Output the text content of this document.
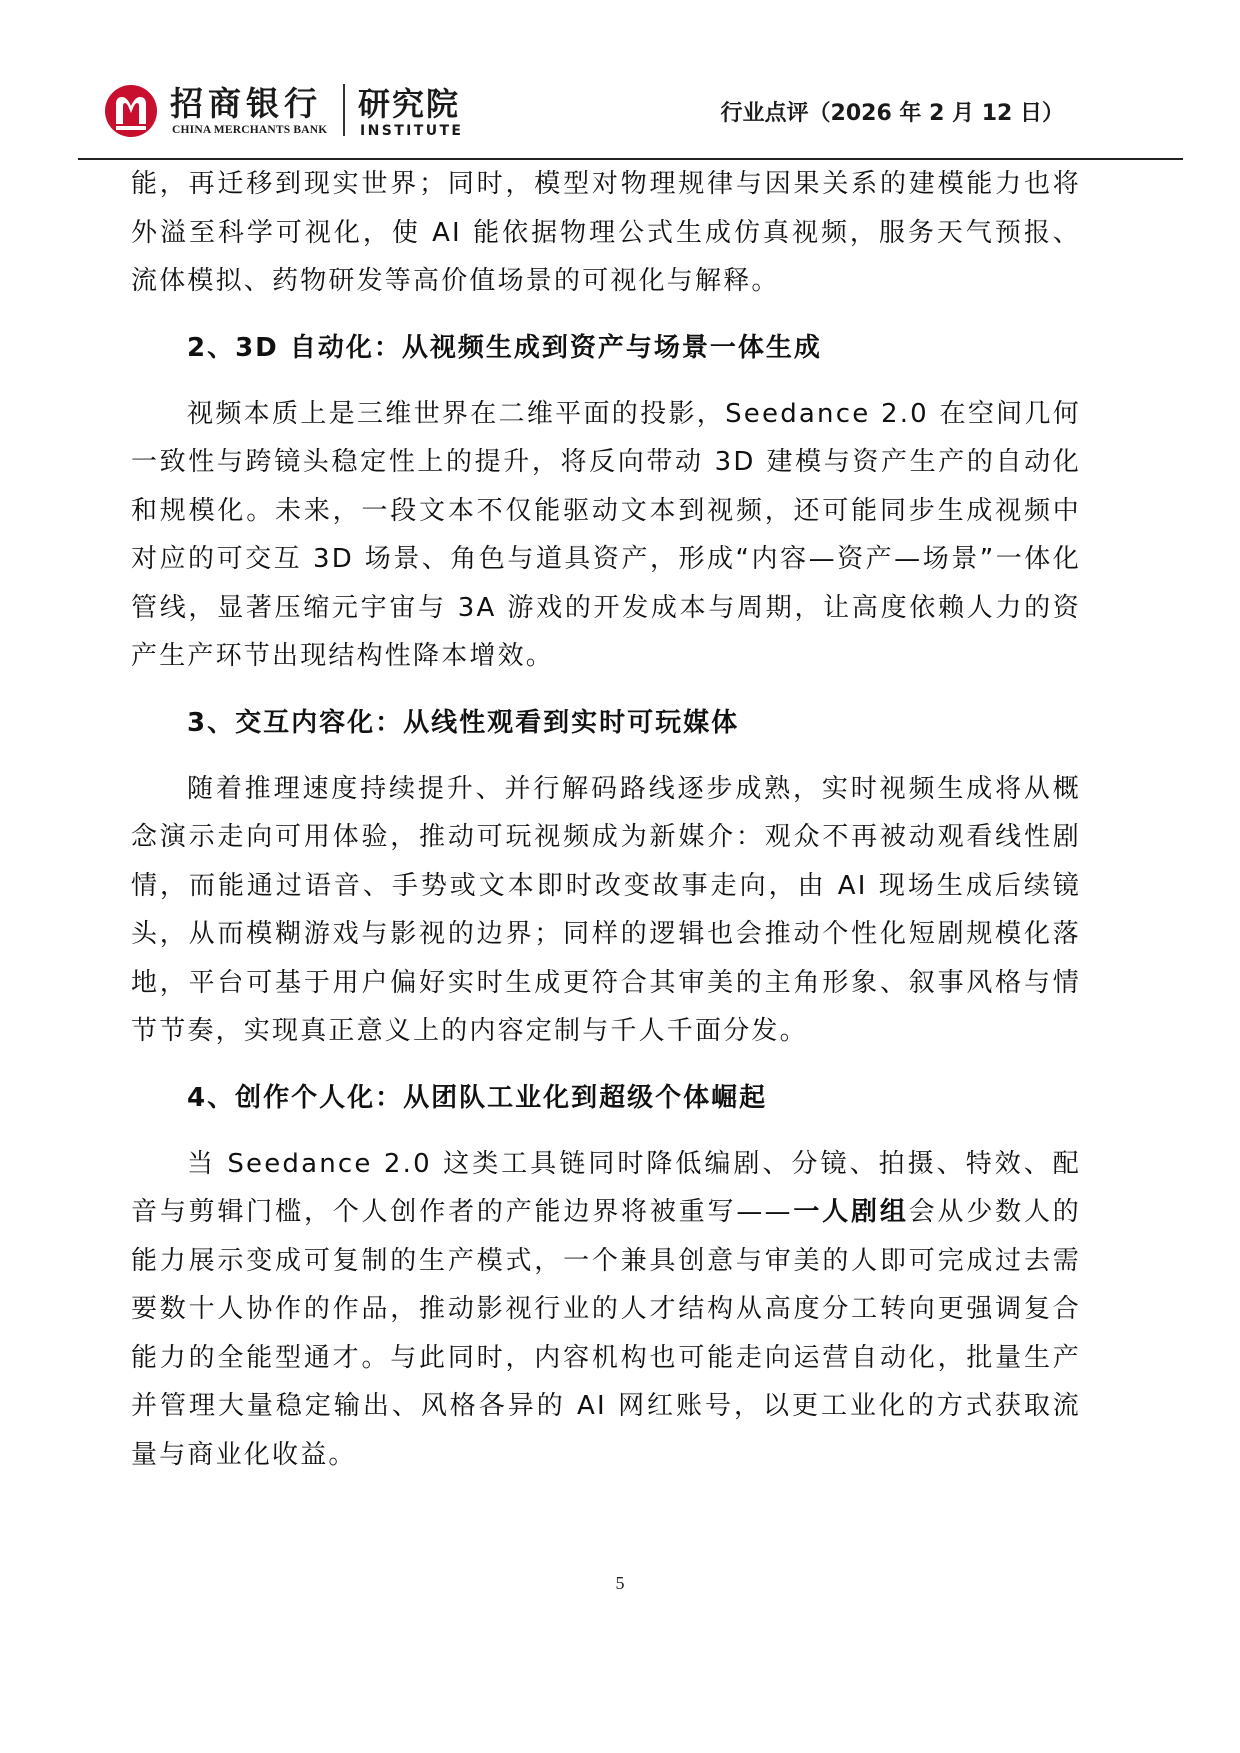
招商银行
CHINA MERCHANTS BANK
研究院
INSTITUTE
行业点评（2026 年 2 月 12 日）

能，再迁移到现实世界；同时，模型对物理规律与因果关系的建模能力也将外溢至科学可视化，使 AI 能依据物理公式生成仿真视频，服务天气预报、流体模拟、药物研发等高价值场景的可视化与解释。

2、3D 自动化：从视频生成到资产与场景一体生成

视频本质上是三维世界在二维平面的投影，Seedance 2.0 在空间几何一致性与跨镜头稳定性上的提升，将反向带动 3D 建模与资产生产的自动化和规模化。未来，一段文本不仅能驱动文本到视频，还可能同步生成视频中对应的可交互 3D 场景、角色与道具资产，形成“内容—资产—场景”一体化管线，显著压缩元宇宙与 3A 游戏的开发成本与周期，让高度依赖人力的资产生产环节出现结构性降本增效。

3、交互内容化：从线性观看到实时可玩媒体

随着推理速度持续提升、并行解码路线逐步成熟，实时视频生成将从概念演示走向可用体验，推动可玩视频成为新媒介：观众不再被动观看线性剧情，而能通过语音、手势或文本即时改变故事走向，由 AI 现场生成后续镜头，从而模糊游戏与影视的边界；同样的逻辑也会推动个性化短剧规模化落地，平台可基于用户偏好实时生成更符合其审美的主角形象、叙事风格与情节节奏，实现真正意义上的内容定制与千人千面分发。

4、创作个人化：从团队工业化到超级个体崛起

当 Seedance 2.0 这类工具链同时降低编剧、分镜、拍摄、特效、配音与剪辑门槛，个人创作者的产能边界将被重写——一人剧组会从少数人的能力展示变成可复制的生产模式，一个兼具创意与审美的人即可完成过去需要数十人协作的作品，推动影视行业的人才结构从高度分工转向更强调复合能力的全能型通才。与此同时，内容机构也可能走向运营自动化，批量生产并管理大量稳定输出、风格各异的 AI 网红账号，以更工业化的方式获取流量与商业化收益。

5
